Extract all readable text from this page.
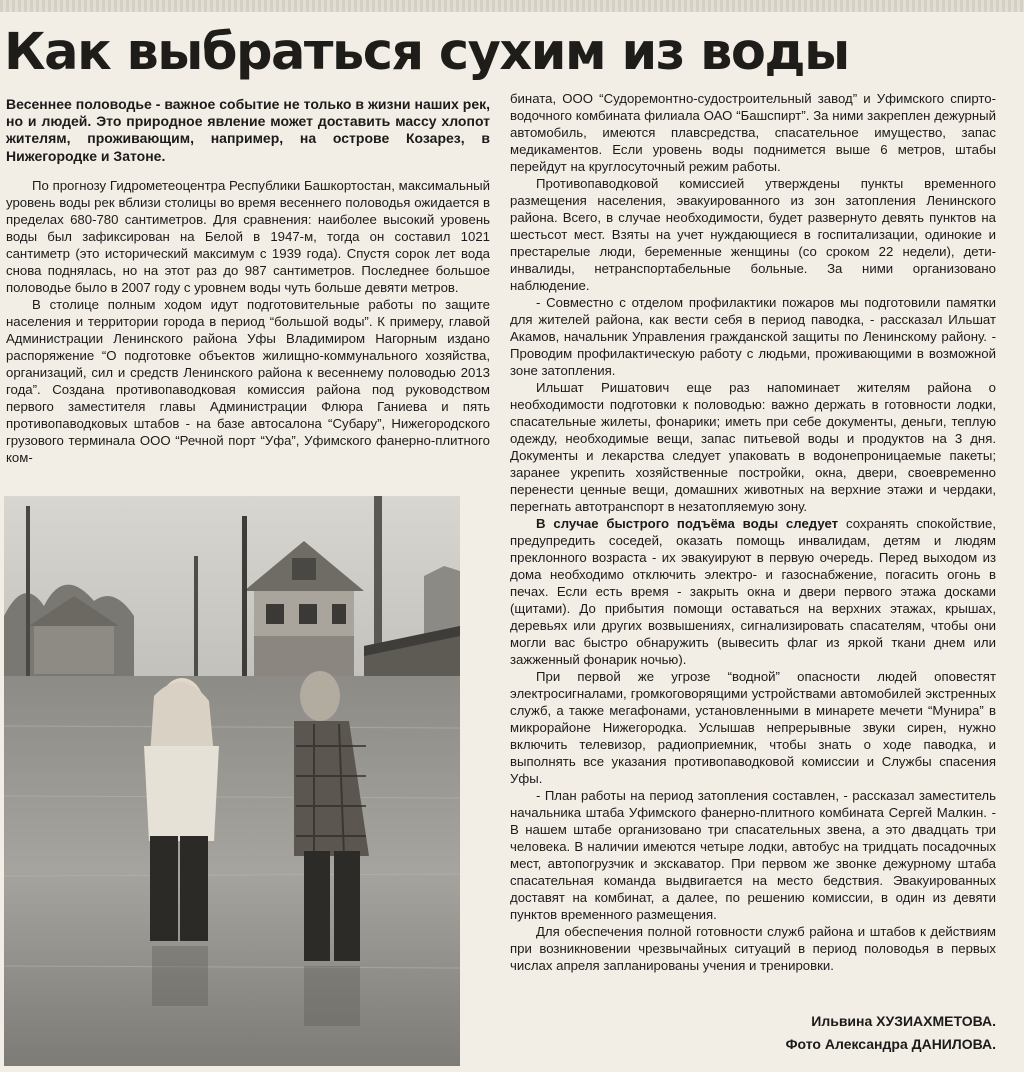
Как выбраться сухим из воды

Весеннее половодье - важное событие не только в жизни наших рек, но и людей. Это природное явление может доставить массу хлопот жителям, проживающим, например, на острове Козарез, в Нижегородке и Затоне.

По прогнозу Гидрометеоцентра Республики Башкортостан, максимальный уровень воды рек вблизи столицы во время весеннего половодья ожидается в пределах 680-780 сантиметров. Для сравнения: наиболее высокий уровень воды был зафиксирован на Белой в 1947-м, тогда он составил 1021 сантиметр (это исторический максимум с 1939 года). Спустя сорок лет вода снова поднялась, но на этот раз до 987 сантиметров. Последнее большое половодье было в 2007 году с уровнем воды чуть больше девяти метров.

В столице полным ходом идут подготовительные работы по защите населения и территории города в период “большой воды”. К примеру, главой Администрации Ленинского района Уфы Владимиром Нагорным издано распоряжение “О подготовке объектов жилищно-коммунального хозяйства, организаций, сил и средств Ленинского района к весеннему половодью 2013 года”. Создана противопаводковая комиссия района под руководством первого заместителя главы Администрации Флюра Ганиева и пять противопаводковых штабов - на базе автосалона “Субару”, Нижегородского грузового терминала ООО “Речной порт “Уфа”, Уфимского фанерно-плитного ком-

бината, ООО “Судоремонтно-судостроительный завод” и Уфимского спирто-водочного комбината филиала ОАО “Башспирт”. За ними закреплен дежурный автомобиль, имеются плавсредства, спасательное имущество, запас медикаментов. Если уровень воды поднимется выше 6 метров, штабы перейдут на круглосуточный режим работы.

Противопаводковой комиссией утверждены пункты временного размещения населения, эвакуированного из зон затопления Ленинского района. Всего, в случае необходимости, будет развернуто девять пунктов на шестьсот мест. Взяты на учет нуждающиеся в госпитализации, одинокие и престарелые люди, беременные женщины (со сроком 22 недели), дети-инвалиды, нетранспортабельные больные. За ними организовано наблюдение.

- Совместно с отделом профилактики пожаров мы подготовили памятки для жителей района, как вести себя в период паводка, - рассказал Ильшат Акамов, начальник Управления гражданской защиты по Ленинскому району. - Проводим профилактическую работу с людьми, проживающими в возможной зоне затопления.

Ильшат Ришатович еще раз напоминает жителям района о необходимости подготовки к половодью: важно держать в готовности лодки, спасательные жилеты, фонарики; иметь при себе документы, деньги, теплую одежду, необходимые вещи, запас питьевой воды и продуктов на 3 дня. Документы и лекарства следует упаковать в водонепроницаемые пакеты; заранее укрепить хозяйственные постройки, окна, двери, своевременно перенести ценные вещи, домашних животных на верхние этажи и чердаки, перегнать автотранспорт в незатопляемую зону.

В случае быстрого подъёма воды следует сохранять спокойствие, предупредить соседей, оказать помощь инвалидам, детям и людям преклонного возраста - их эвакуируют в первую очередь. Перед выходом из дома необходимо отключить электро- и газоснабжение, погасить огонь в печах. Если есть время - закрыть окна и двери первого этажа досками (щитами). До прибытия помощи оставаться на верхних этажах, крышах, деревьях или других возвышениях, сигнализировать спасателям, чтобы они могли вас быстро обнаружить (вывесить флаг из яркой ткани днем или зажженный фонарик ночью).

При первой же угрозе “водной” опасности людей оповестят электросигналами, громкоговорящими устройствами автомобилей экстренных служб, а также мегафонами, установленными в минарете мечети “Мунира” в микрорайоне Нижегородка. Услышав непрерывные звуки сирен, нужно включить телевизор, радиоприемник, чтобы знать о ходе паводка, и выполнять все указания противопаводковой комиссии и Службы спасения Уфы.

- План работы на период затопления составлен, - рассказал заместитель начальника штаба Уфимского фанерно-плитного комбината Сергей Малкин. - В нашем штабе организовано три спасательных звена, а это двадцать три человека. В наличии имеются четыре лодки, автобус на тридцать посадочных мест, автопогрузчик и экскаватор. При первом же звонке дежурному штаба спасательная команда выдвигается на место бедствия. Эвакуированных доставят на комбинат, а далее, по решению комиссии, в один из девяти пунктов временного размещения.

Для обеспечения полной готовности служб района и штабов к действиям при возникновении чрезвычайных ситуаций в период половодья в первых числах апреля запланированы учения и тренировки.

Ильвина ХУЗИАХМЕТОВА.
Фото Александра ДАНИЛОВА.
